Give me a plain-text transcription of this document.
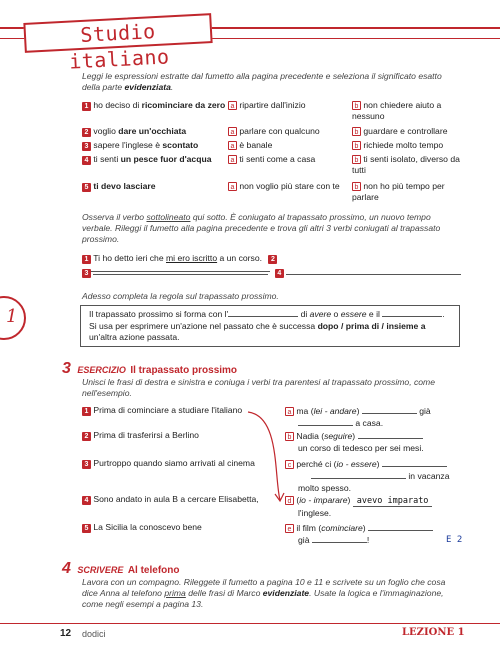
Studio italiano
1
Leggi le espressioni estratte dal fumetto alla pagina precedente e seleziona il significato esatto della parte evidenziata.
1 ho deciso di ricominciare da zero a ripartire dall'inizio	b non chiedere aiuto a nessuno
2 voglio dare un'occhiata	a parlare con qualcuno	b guardare e controllare
3 sapere l'inglese è scontato	a è banale	b richiede molto tempo
4 ti senti un pesce fuor d'acqua	a ti senti come a casa	b ti senti isolato, diverso da tutti
5 ti devo lasciare	a non voglio più stare con te	b non ho più tempo per parlare
Osserva il verbo sottolineato qui sotto. È coniugato al trapassato prossimo, un nuovo tempo verbale. Rileggi il fumetto alla pagina precedente e trova gli altri 3 verbi coniugati al trapassato prossimo.
1 Ti ho detto ieri che mi ero iscritto a un corso. 2
3	4
Adesso completa la regola sul trapassato prossimo.
Il trapassato prossimo si forma con l'	di avere o essere e il	.
Si usa per esprimere un'azione nel passato che è successa dopo / prima di / insieme a
un'altra azione passata.
3 ESERCIZIO Il trapassato prossimo
Unisci le frasi di destra e sinistra e coniuga i verbi tra parentesi al trapassato prossimo, come nell'esempio.
1 Prima di cominciare a studiare l'italiano
2 Prima di trasferirsi a Berlino
3 Purtroppo quando siamo arrivati al cinema
4 Sono andato in aula B a cercare Elisabetta,
5 La Sicilia la conoscevo bene
a ma (lei - andare)	già
a casa.
b Nadia (seguire)
un corso di tedesco per sei mesi.
c perché ci (io - essere)
in vacanza
molto spesso.
d (io - imparare) avevo imparato
l'inglese.
e il film (cominciare)
già	!	E 2
4 SCRIVERE Al telefono
Lavora con un compagno. Rileggete il fumetto a pagina 10 e 11 e scrivete su un foglio che cosa dice Anna al telefono prima delle frasi di Marco evidenziate. Usate la logica e l'immaginazione, come negli esempi a pagina 13.
12 dodici	LEZIONE 1
